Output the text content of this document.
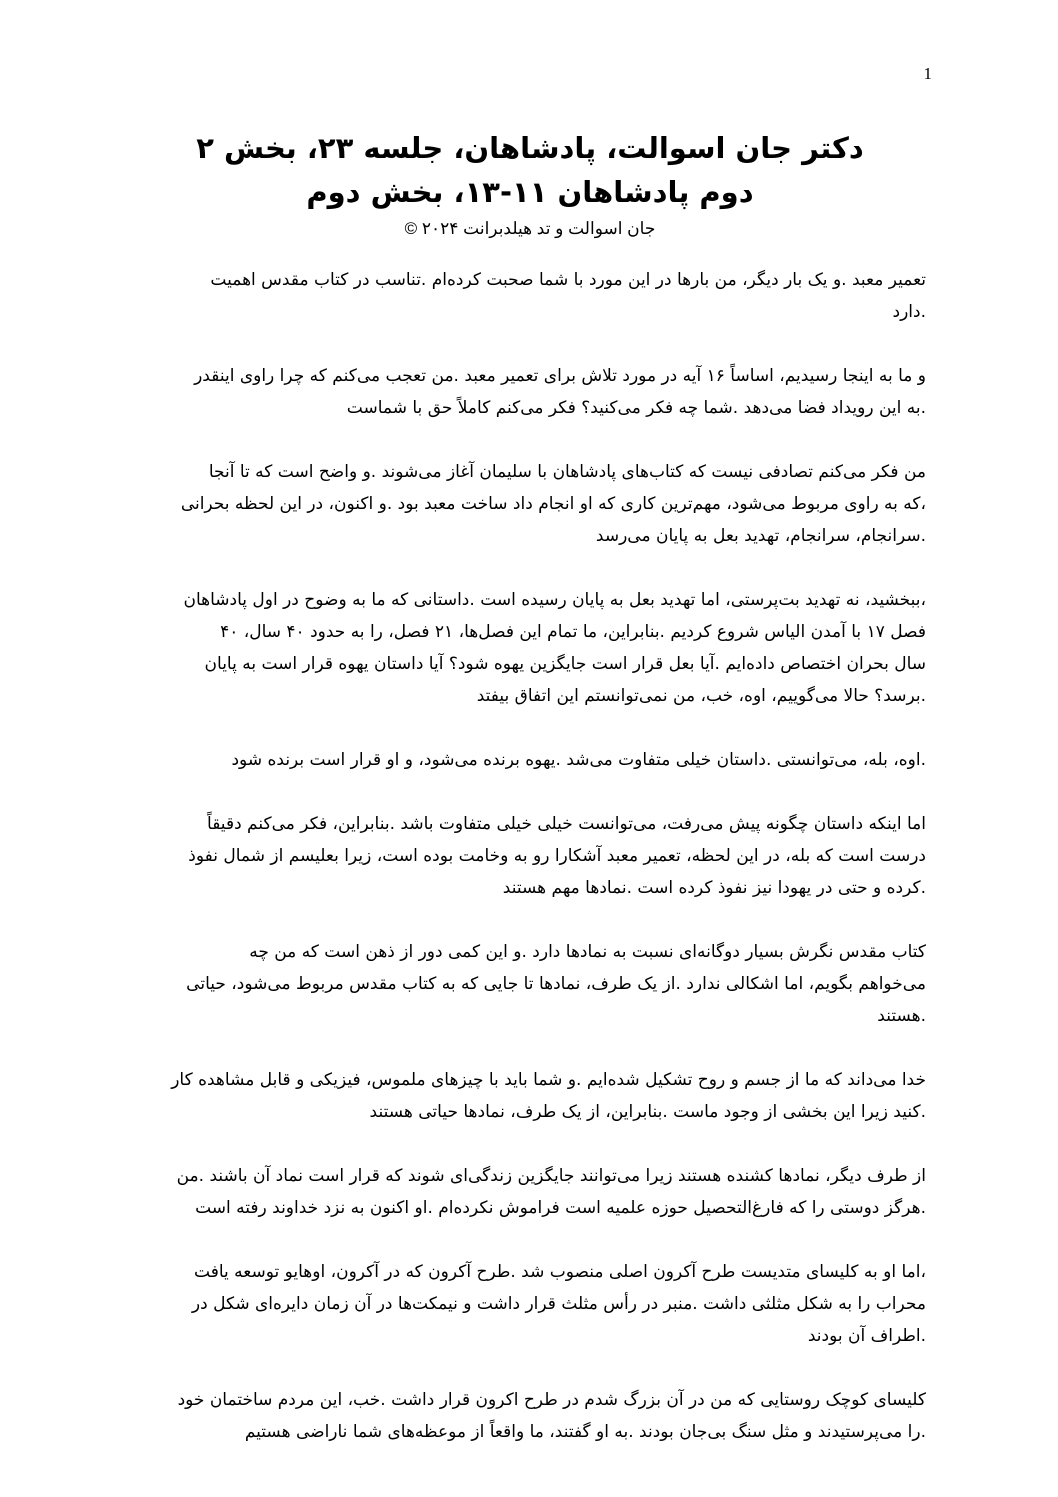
1
دکتر جان اسوالت، پادشاهان، جلسه ۲۳، بخش ۲
دوم پادشاهان ۱۱-۱۳، بخش دوم
جان اسوالت و تد هیلدبرانت ۲۰۲۴ ©
تعمیر معبد .و یک بار دیگر، من بارها در این مورد با شما صحبت کرده‌ام .تناسب در کتاب مقدس اهمیت
.دارد
و ما به اینجا رسیدیم، اساساً ۱۶ آیه در مورد تلاش برای تعمیر معبد .من تعجب می‌کنم که چرا راوی اینقدر
.به این رویداد فضا می‌دهد .شما چه فکر می‌کنید؟ فکر می‌کنم کاملاً حق با شماست
من فکر می‌کنم تصادفی نیست که کتاب‌های پادشاهان با سلیمان آغاز می‌شوند .و واضح است که تا آنجا
،که به راوی مربوط می‌شود، مهم‌ترین کاری که او انجام داد ساخت معبد بود .و اکنون، در این لحظه بحرانی
.سرانجام، سرانجام، تهدید بعل به پایان می‌رسد
،ببخشید، نه تهدید بت‌پرستی، اما تهدید بعل به پایان رسیده است .داستانی که ما به وضوح در اول پادشاهان
فصل ۱۷ با آمدن الیاس شروع کردیم .بنابراین، ما تمام این فصل‌ها، ۲۱ فصل، را به حدود ۴۰ سال، ۴۰
سال بحران اختصاص داده‌ایم .آیا بعل قرار است جایگزین یهوه شود؟ آیا داستان یهوه قرار است به پایان
.برسد؟ حالا می‌گوییم، اوه، خب، من نمی‌توانستم این اتفاق بیفتد
.اوه، بله، می‌توانستی .داستان خیلی متفاوت می‌شد .یهوه برنده می‌شود، و او قرار است برنده شود
اما اینکه داستان چگونه پیش می‌رفت، می‌توانست خیلی خیلی متفاوت باشد .بنابراین، فکر می‌کنم دقیقاً
درست است که بله، در این لحظه، تعمیر معبد آشکارا رو به وخامت بوده است، زیرا بعلیسم از شمال نفوذ
.کرده و حتی در یهودا نیز نفوذ کرده است .نمادها مهم هستند
کتاب مقدس نگرش بسیار دوگانه‌ای نسبت به نمادها دارد .و این کمی دور از ذهن است که من چه
می‌خواهم بگویم، اما اشکالی ندارد .از یک طرف، نمادها تا جایی که به کتاب مقدس مربوط می‌شود، حیاتی
.هستند
خدا می‌داند که ما از جسم و روح تشکیل شده‌ایم .و شما باید با چیزهای ملموس، فیزیکی و قابل مشاهده کار
.کنید زیرا این بخشی از وجود ماست .بنابراین، از یک طرف، نمادها حیاتی هستند
از طرف دیگر، نمادها کشنده هستند زیرا می‌توانند جایگزین زندگی‌ای شوند که قرار است نماد آن باشند .من
.هرگز دوستی را که فارغ‌التحصیل حوزه علمیه است فراموش نکرده‌ام .او اکنون به نزد خداوند رفته است
،اما او به کلیسای متدیست طرح آکرون اصلی منصوب شد .طرح آکرون که در آکرون، اوهایو توسعه یافت
محراب را به شکل مثلثی داشت .منبر در رأس مثلث قرار داشت و نیمکت‌ها در آن زمان دایره‌ای شکل در
.اطراف آن بودند
کلیسای کوچک روستایی که من در آن بزرگ شدم در طرح اکرون قرار داشت .خب، این مردم ساختمان خود
.را می‌پرستیدند و مثل سنگ بی‌جان بودند .به او گفتند، ما واقعاً از موعظه‌های شما ناراضی هستیم
